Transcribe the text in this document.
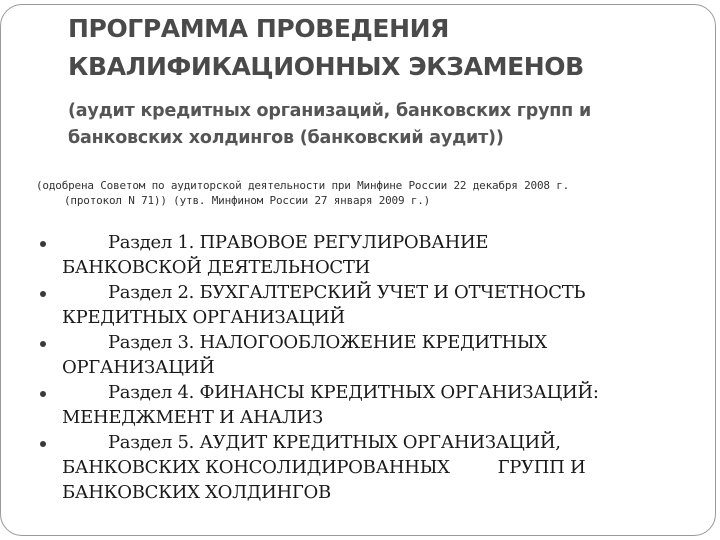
ПРОГРАММА ПРОВЕДЕНИЯ
КВАЛИФИКАЦИОННЫХ ЭКЗАМЕНОВ
(аудит кредитных организаций, банковских групп и
банковских холдингов (банковский аудит))
(одобрена Советом по аудиторской деятельности при Минфине России 22 декабря 2008 г.
(протокол N 71)) (утв. Минфином России 27 января 2009 г.)
Раздел 1. ПРАВОВОЕ РЕГУЛИРОВАНИЕ
БАНКОВСКОЙ ДЕЯТЕЛЬНОСТИ
Раздел 2. БУХГАЛТЕРСКИЙ УЧЕТ И ОТЧЕТНОСТЬ
КРЕДИТНЫХ ОРГАНИЗАЦИЙ
Раздел 3. НАЛОГООБЛОЖЕНИЕ КРЕДИТНЫХ
ОРГАНИЗАЦИЙ
Раздел 4. ФИНАНСЫ КРЕДИТНЫХ ОРГАНИЗАЦИЙ:
МЕНЕДЖМЕНТ И АНАЛИЗ
Раздел 5. АУДИТ КРЕДИТНЫХ ОРГАНИЗАЦИЙ,
БАНКОВСКИХ КОНСОЛИДИРОВАННЫХ	ГРУПП И
БАНКОВСКИХ ХОЛДИНГОВ
